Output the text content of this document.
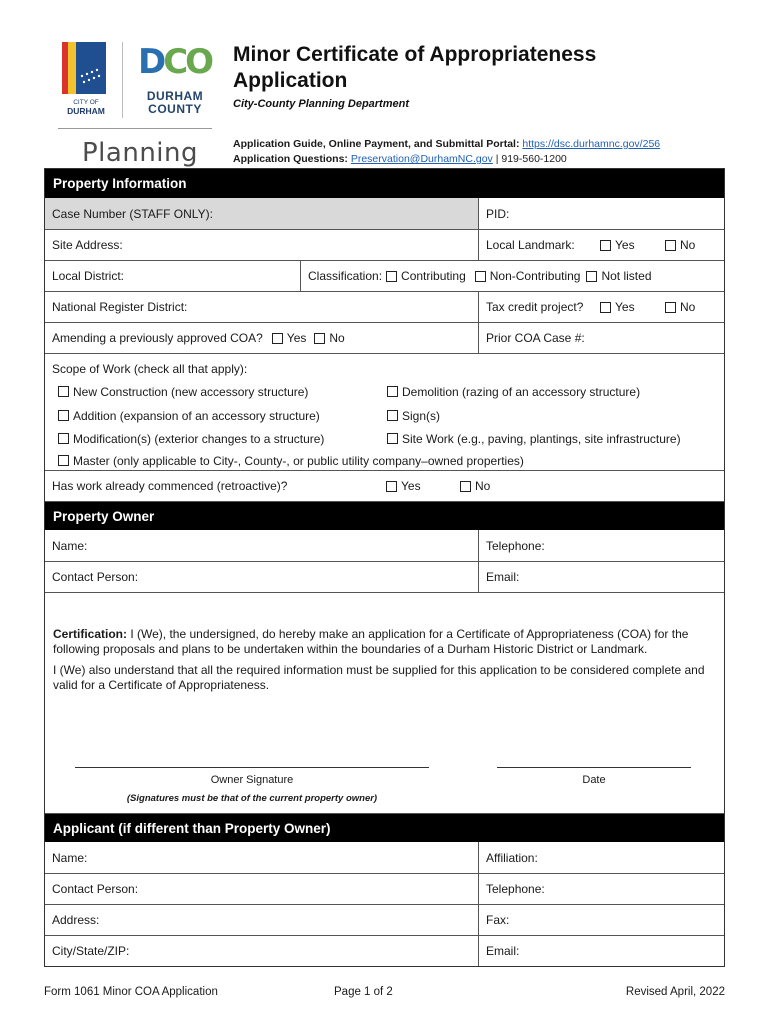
CITY OF
DURHAM
DCO
DURHAM
COUNTY
Planning
Minor Certificate of Appropriateness
Application
City-County Planning Department
Application Guide, Online Payment, and Submittal Portal: https://dsc.durhamnc.gov/256
Application Questions: Preservation@DurhamNC.gov | 919-560-1200
Property Information
Case Number (STAFF ONLY):	PID:
Site Address:	Local Landmark:	Yes	No
Local District:	Classification: Contributing Non-Contributing Not listed
National Register District:	Tax credit project?	Yes	No
Amending a previously approved COA? Yes No	Prior COA Case #:
Scope of Work (check all that apply):
New Construction (new accessory structure)	Demolition (razing of an accessory structure)
Addition (expansion of an accessory structure)	Sign(s)
Modification(s) (exterior changes to a structure)	Site Work (e.g., paving, plantings, site infrastructure)
Master (only applicable to City-, County-, or public utility company–owned properties)
Has work already commenced (retroactive)?	Yes	No
Property Owner
Name:	Telephone:
Contact Person:	Email:
Certification: I (We), the undersigned, do hereby make an application for a Certificate of Appropriateness (COA) for the following proposals and plans to be undertaken within the boundaries of a Durham Historic District or Landmark.
I (We) also understand that all the required information must be supplied for this application to be considered complete and valid for a Certificate of Appropriateness.
Owner Signature	Date
(Signatures must be that of the current property owner)
Applicant (if different than Property Owner)
Name:	Affiliation:
Contact Person:	Telephone:
Address:	Fax:
City/State/ZIP:	Email:
Form 1061 Minor COA Application	Page 1 of 2	Revised April, 2022
